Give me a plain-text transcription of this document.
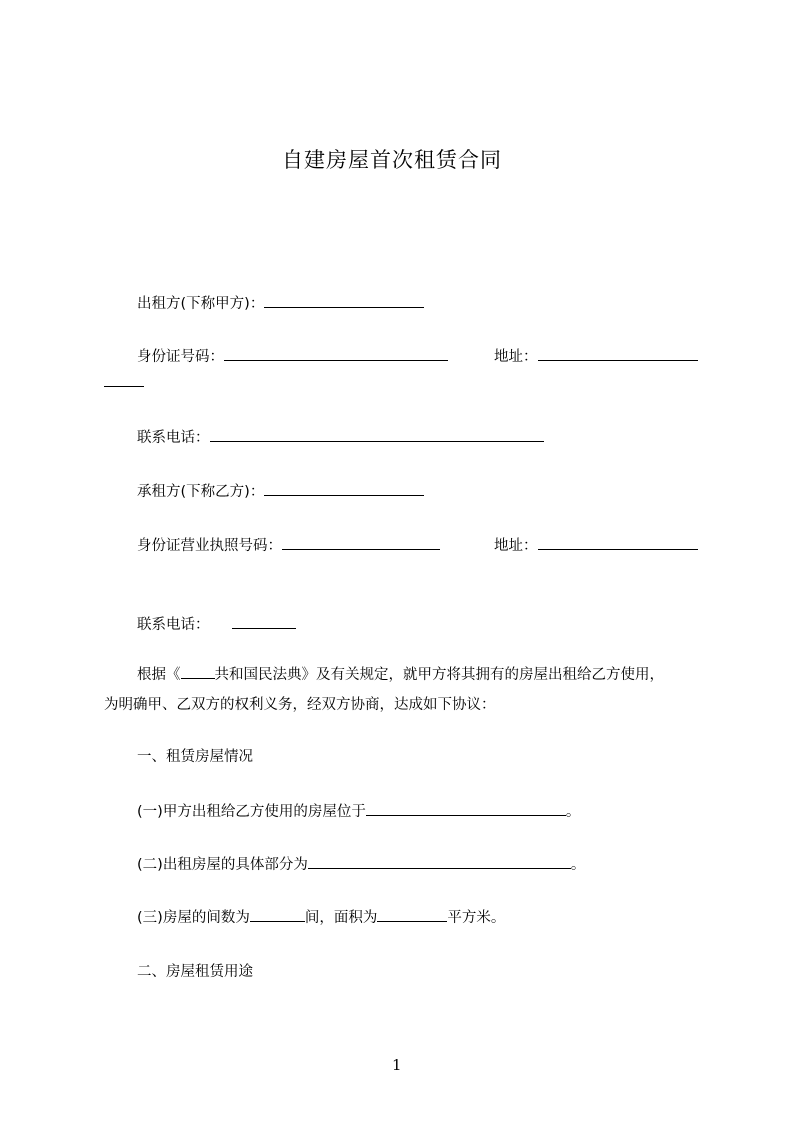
自建房屋首次租赁合同
出租方(下称甲方)：
身份证号码：	地址：
联系电话：
承租方(下称乙方)：
身份证营业执照号码：	地址：
联系电话：
根据《 共和国民法典》及有关规定，就甲方将其拥有的房屋出租给乙方使用，
为明确甲、乙双方的权利义务，经双方协商，达成如下协议：
一、租赁房屋情况
(一)甲方出租给乙方使用的房屋位于	。
(二)出租房屋的具体部分为	。
(三)房屋的间数为	间，面积为	平方米。
二、房屋租赁用途
1
